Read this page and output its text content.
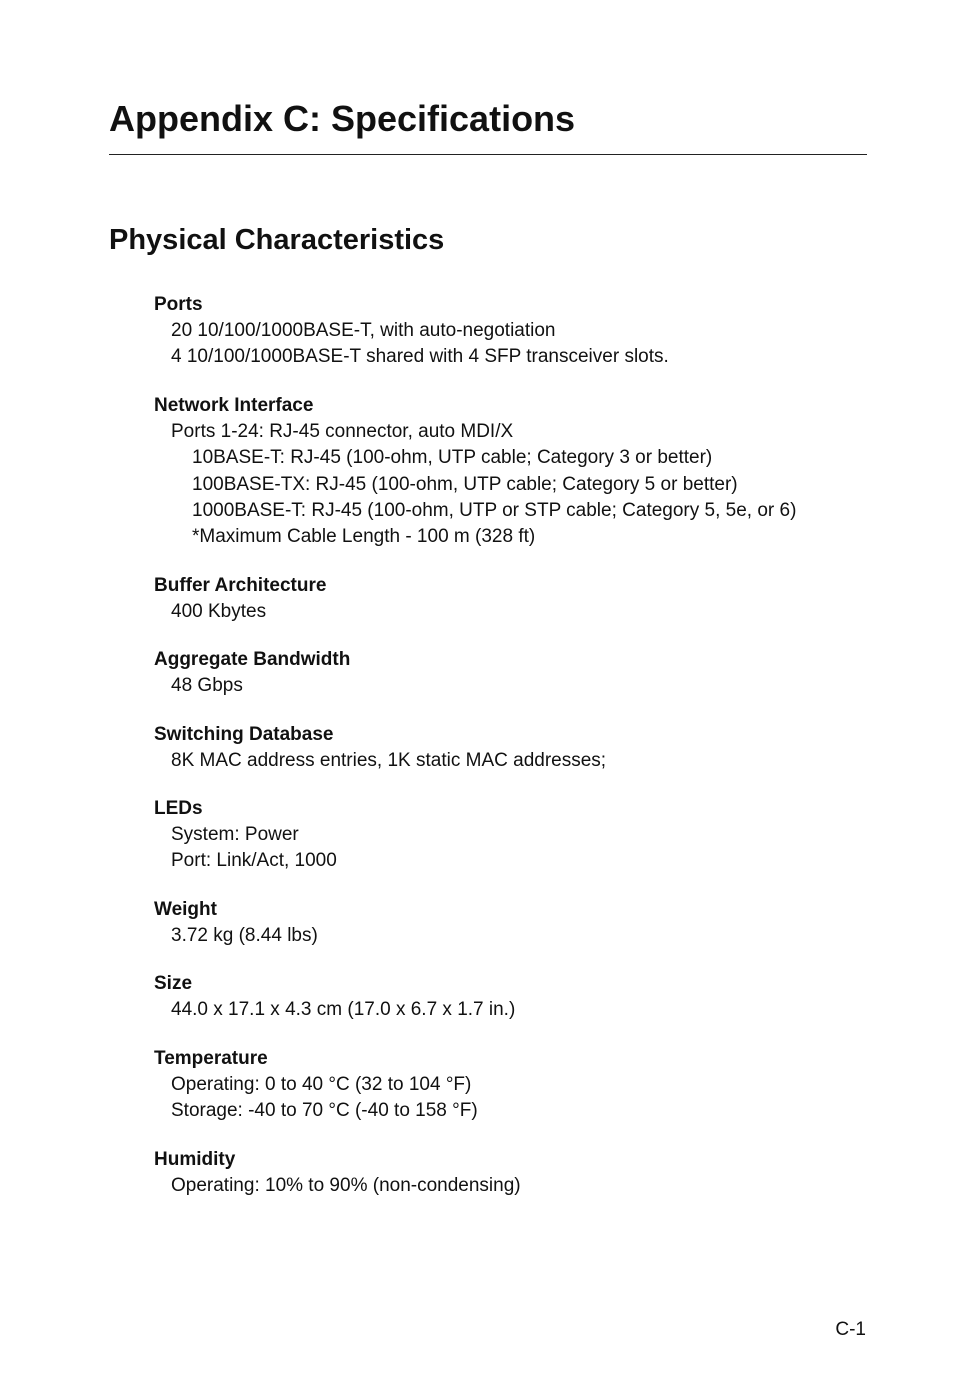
Appendix C: Specifications
Physical Characteristics
Ports
20 10/100/1000BASE-T, with auto-negotiation
4 10/100/1000BASE-T shared with 4 SFP transceiver slots.
Network Interface
Ports 1-24: RJ-45 connector, auto MDI/X
10BASE-T: RJ-45 (100-ohm, UTP cable; Category 3 or better)
100BASE-TX: RJ-45 (100-ohm, UTP cable; Category 5 or better)
1000BASE-T: RJ-45 (100-ohm, UTP or STP cable; Category 5, 5e, or 6)
*Maximum Cable Length - 100 m (328 ft)
Buffer Architecture
400 Kbytes
Aggregate Bandwidth
48 Gbps
Switching Database
8K MAC address entries, 1K static MAC addresses;
LEDs
System: Power
Port: Link/Act, 1000
Weight
3.72 kg (8.44 lbs)
Size
44.0 x 17.1 x 4.3 cm (17.0 x 6.7 x 1.7 in.)
Temperature
Operating: 0 to 40 °C (32 to 104 °F)
Storage: -40 to 70 °C (-40 to 158 °F)
Humidity
Operating: 10% to 90% (non-condensing)
C-1
